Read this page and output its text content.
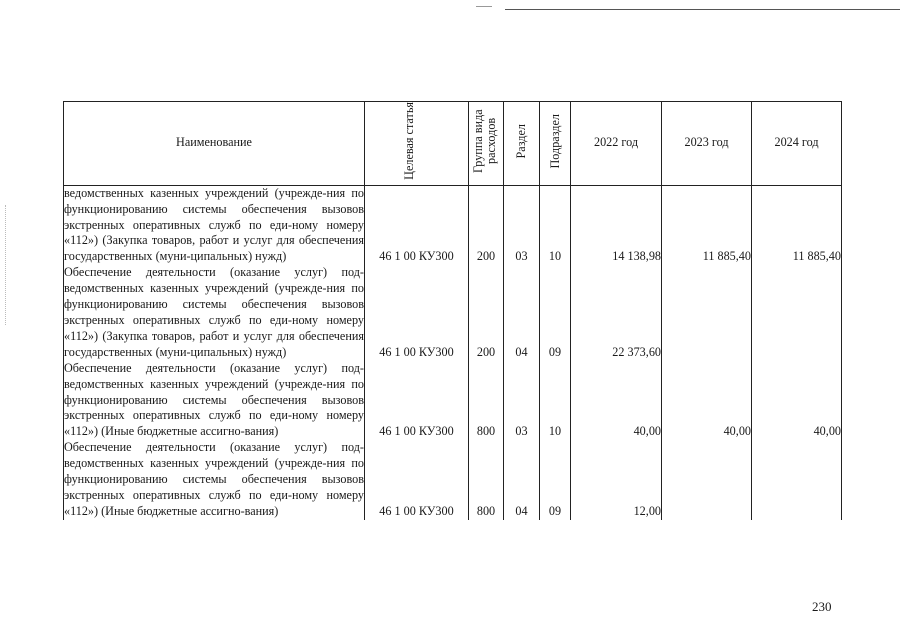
Наименование	Целевая статья	Группа вида расходов	Раздел	Подраздел	2022 год	2023 год	2024 год
ведомственных казенных учреждений (учрежде-ния по функционированию системы обеспечения вызовов экстренных оперативных служб по еди-ному номеру «112») (Закупка товаров, работ и услуг для обеспечения государственных (муни-ципальных) нужд)	46 1 00 КУ300	200	03	10	14 138,98	11 885,40	11 885,40
Обеспечение деятельности (оказание услуг) под-ведомственных казенных учреждений (учрежде-ния по функционированию системы обеспечения вызовов экстренных оперативных служб по еди-ному номеру «112») (Закупка товаров, работ и услуг для обеспечения государственных (муни-ципальных) нужд)	46 1 00 КУ300	200	04	09	22 373,60		
Обеспечение деятельности (оказание услуг) под-ведомственных казенных учреждений (учрежде-ния по функционированию системы обеспечения вызовов экстренных оперативных служб по еди-ному номеру «112») (Иные бюджетные ассигно-вания)	46 1 00 КУ300	800	03	10	40,00	40,00	40,00
Обеспечение деятельности (оказание услуг) под-ведомственных казенных учреждений (учрежде-ния по функционированию системы обеспечения вызовов экстренных оперативных служб по еди-ному номеру «112») (Иные бюджетные ассигно-вания)	46 1 00 КУ300	800	04	09	12,00		
230
